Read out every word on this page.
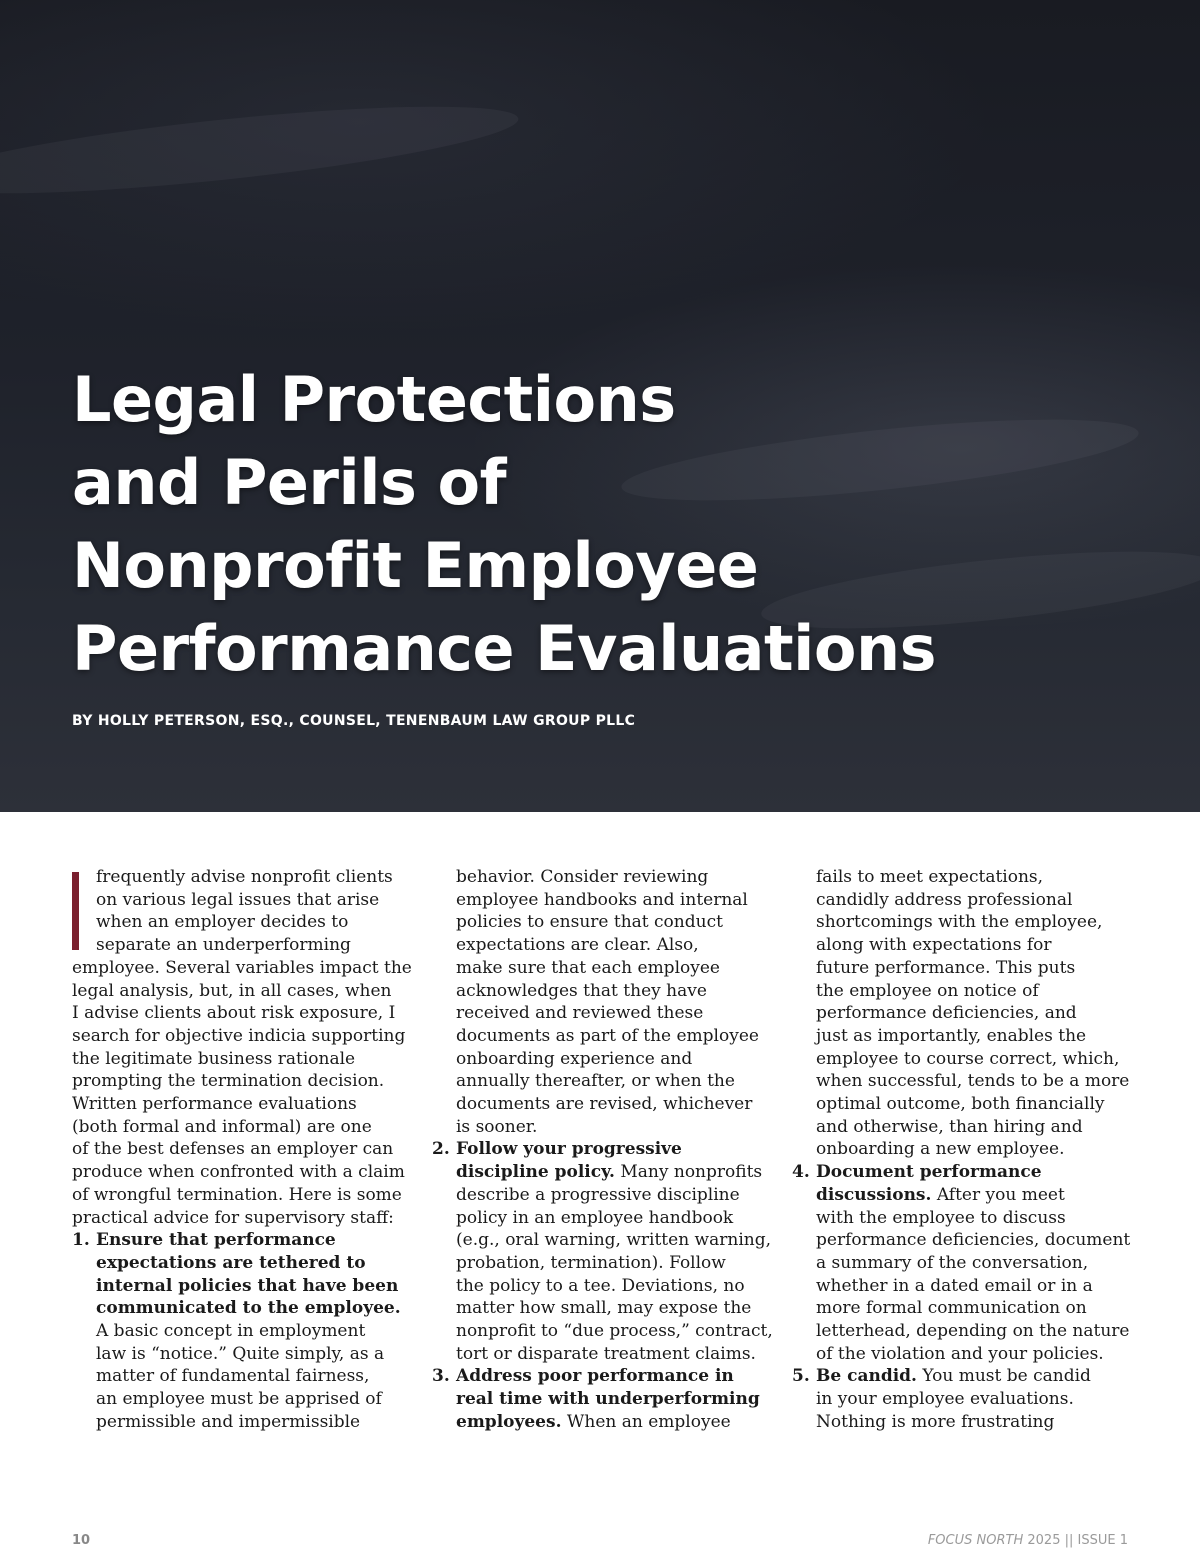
Legal Protections
and Perils of
Nonprofit Employee
Performance Evaluations

BY HOLLY PETERSON, ESQ., COUNSEL, TENENBAUM LAW GROUP PLLC

frequently advise nonprofit clients
on various legal issues that arise
when an employer decides to
separate an underperforming
employee. Several variables impact the
legal analysis, but, in all cases, when
I advise clients about risk exposure, I
search for objective indicia supporting
the legitimate business rationale
prompting the termination decision.
Written performance evaluations
(both formal and informal) are one
of the best defenses an employer can
produce when confronted with a claim
of wrongful termination. Here is some
practical advice for supervisory staff:
1. Ensure that performance
expectations are tethered to
internal policies that have been
communicated to the employee.
A basic concept in employment
law is “notice.” Quite simply, as a
matter of fundamental fairness,
an employee must be apprised of
permissible and impermissible
behavior. Consider reviewing
employee handbooks and internal
policies to ensure that conduct
expectations are clear. Also,
make sure that each employee
acknowledges that they have
received and reviewed these
documents as part of the employee
onboarding experience and
annually thereafter, or when the
documents are revised, whichever
is sooner.
2. Follow your progressive
discipline policy. Many nonprofits
describe a progressive discipline
policy in an employee handbook
(e.g., oral warning, written warning,
probation, termination). Follow
the policy to a tee. Deviations, no
matter how small, may expose the
nonprofit to “due process,” contract,
tort or disparate treatment claims.
3. Address poor performance in
real time with underperforming
employees. When an employee
fails to meet expectations,
candidly address professional
shortcomings with the employee,
along with expectations for
future performance. This puts
the employee on notice of
performance deficiencies, and
just as importantly, enables the
employee to course correct, which,
when successful, tends to be a more
optimal outcome, both financially
and otherwise, than hiring and
onboarding a new employee.
4. Document performance
discussions. After you meet
with the employee to discuss
performance deficiencies, document
a summary of the conversation,
whether in a dated email or in a
more formal communication on
letterhead, depending on the nature
of the violation and your policies.
5. Be candid. You must be candid
in your employee evaluations.
Nothing is more frustrating
10	FOCUS NORTH 2025 || ISSUE 1
